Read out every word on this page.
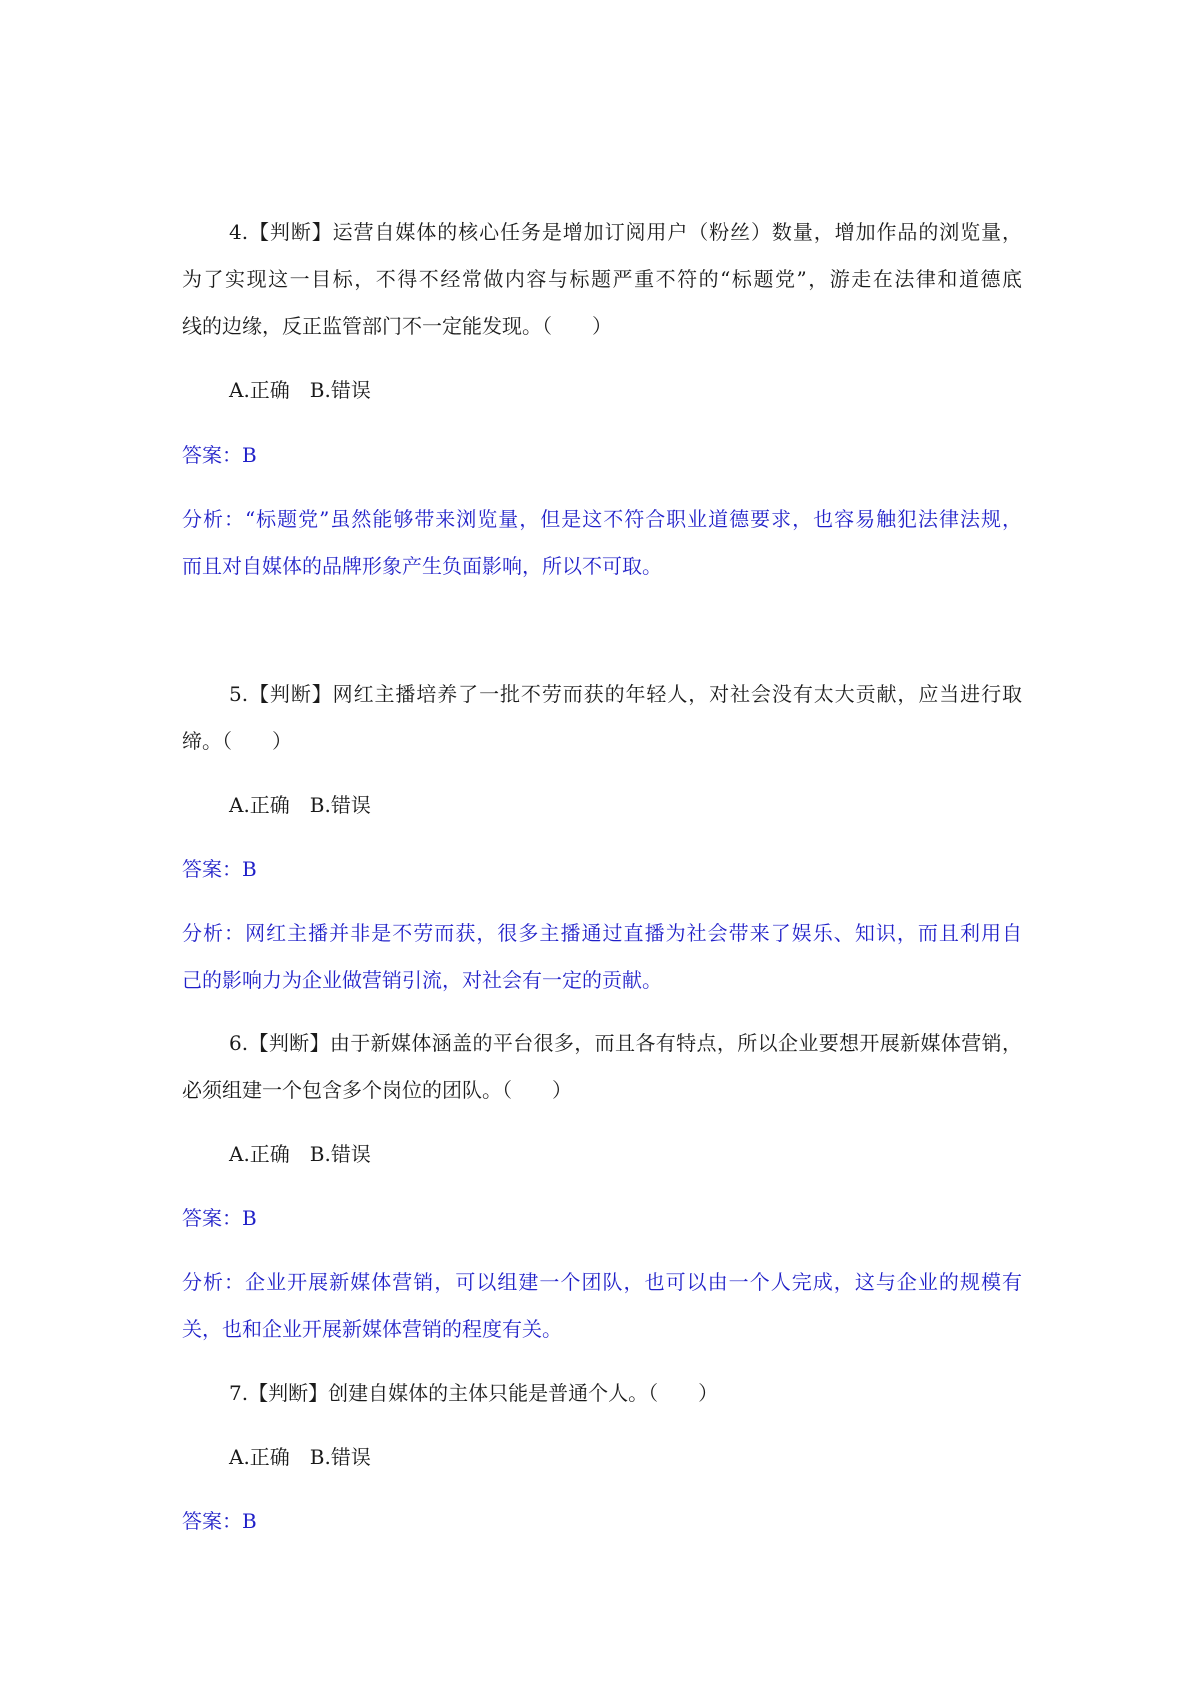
4.【判断】运营自媒体的核心任务是增加订阅用户（粉丝）数量，增加作品的浏览量，
为了实现这一目标，不得不经常做内容与标题严重不符的“标题党”，游走在法律和道德底
线的边缘，反正监管部门不一定能发现。（　　）
A.正确　B.错误
答案：B
分析：“标题党”虽然能够带来浏览量，但是这不符合职业道德要求，也容易触犯法律法规，
而且对自媒体的品牌形象产生负面影响，所以不可取。
5.【判断】网红主播培养了一批不劳而获的年轻人，对社会没有太大贡献，应当进行取
缔。（　　）
A.正确　B.错误
答案：B
分析：网红主播并非是不劳而获，很多主播通过直播为社会带来了娱乐、知识，而且利用自
己的影响力为企业做营销引流，对社会有一定的贡献。
6.【判断】由于新媒体涵盖的平台很多，而且各有特点，所以企业要想开展新媒体营销，
必须组建一个包含多个岗位的团队。（　　）
A.正确　B.错误
答案：B
分析：企业开展新媒体营销，可以组建一个团队，也可以由一个人完成，这与企业的规模有
关，也和企业开展新媒体营销的程度有关。
7.【判断】创建自媒体的主体只能是普通个人。（　　）
A.正确　B.错误
答案：B
